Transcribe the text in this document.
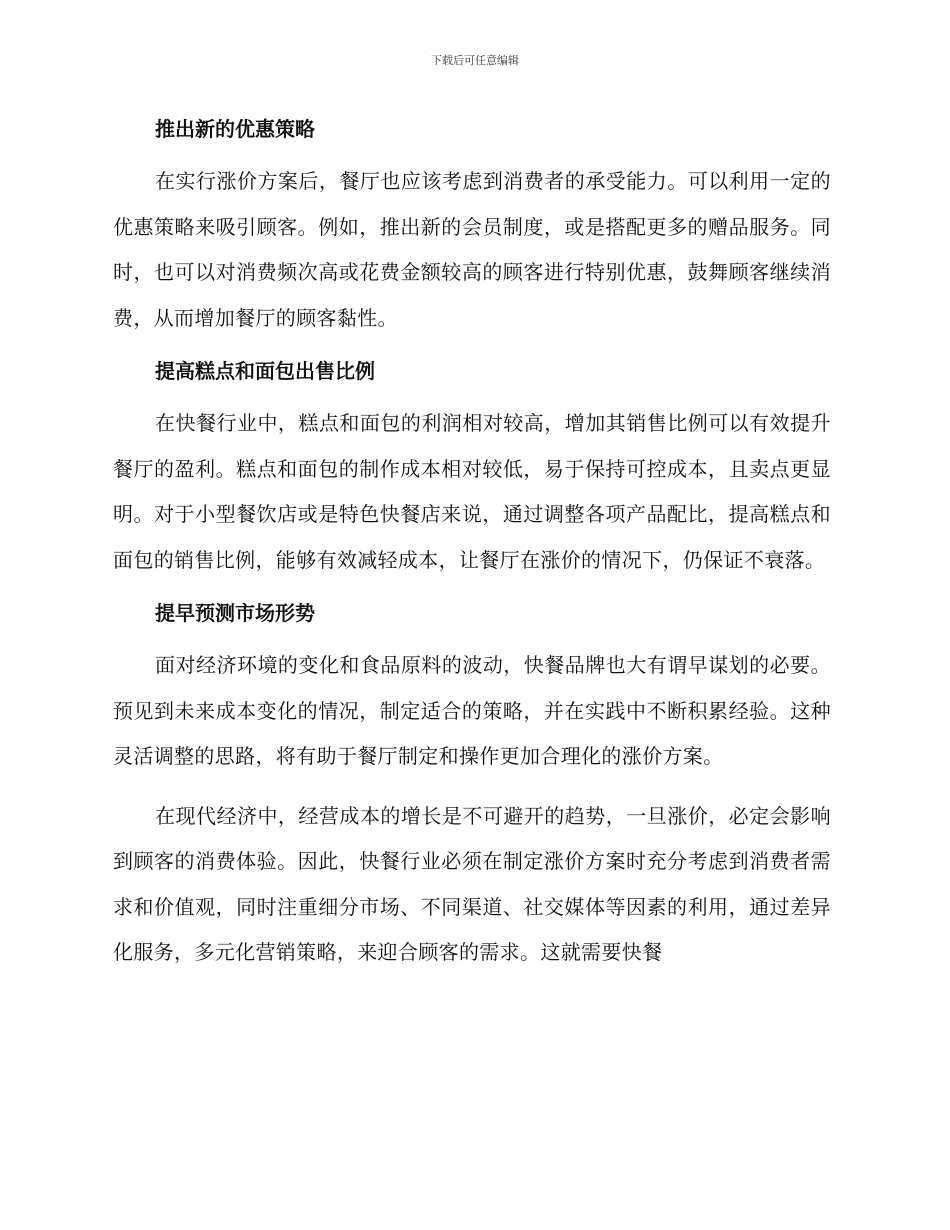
下载后可任意编辑
推出新的优惠策略

在实行涨价方案后，餐厅也应该考虑到消费者的承受能力。可以利用一定的优惠策略来吸引顾客。例如，推出新的会员制度，或是搭配更多的赠品服务。同时，也可以对消费频次高或花费金额较高的顾客进行特别优惠，鼓舞顾客继续消费，从而增加餐厅的顾客黏性。

提高糕点和面包出售比例

在快餐行业中，糕点和面包的利润相对较高，增加其销售比例可以有效提升餐厅的盈利。糕点和面包的制作成本相对较低，易于保持可控成本，且卖点更显明。对于小型餐饮店或是特色快餐店来说，通过调整各项产品配比，提高糕点和面包的销售比例，能够有效减轻成本，让餐厅在涨价的情况下，仍保证不衰落。

提早预测市场形势

面对经济环境的变化和食品原料的波动，快餐品牌也大有谓早谋划的必要。预见到未来成本变化的情况，制定适合的策略，并在实践中不断积累经验。这种灵活调整的思路，将有助于餐厅制定和操作更加合理化的涨价方案。

在现代经济中，经营成本的增长是不可避开的趋势，一旦涨价，必定会影响到顾客的消费体验。因此，快餐行业必须在制定涨价方案时充分考虑到消费者需求和价值观，同时注重细分市场、不同渠道、社交媒体等因素的利用，通过差异化服务，多元化营销策略，来迎合顾客的需求。这就需要快餐
